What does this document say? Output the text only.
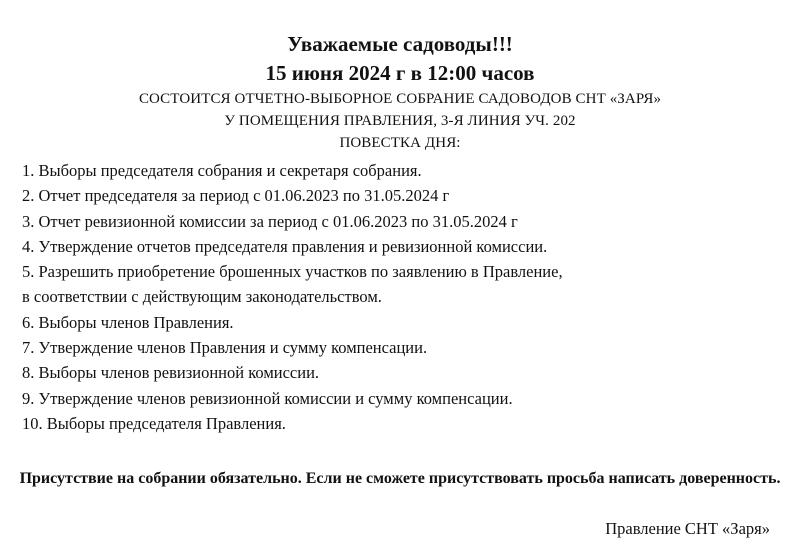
Уважаемые садоводы!!!
15 июня 2024 г в 12:00 часов
СОСТОИТСЯ ОТЧЕТНО-ВЫБОРНОЕ СОБРАНИЕ САДОВОДОВ СНТ «ЗАРЯ»
У ПОМЕЩЕНИЯ ПРАВЛЕНИЯ, 3-Я ЛИНИЯ УЧ. 202
ПОВЕСТКА ДНЯ:
1. Выборы председателя собрания и секретаря собрания.
2. Отчет председателя за период с 01.06.2023 по 31.05.2024 г
3. Отчет ревизионной комиссии за период с 01.06.2023 по 31.05.2024 г
4. Утверждение отчетов председателя правления и ревизионной комиссии.
5. Разрешить приобретение брошенных участков по заявлению в Правление,
в соответствии с действующим законодательством.
6. Выборы членов Правления.
7. Утверждение членов Правления и сумму компенсации.
8. Выборы членов ревизионной комиссии.
9. Утверждение членов ревизионной комиссии и сумму компенсации.
10. Выборы председателя Правления.
Присутствие на собрании обязательно. Если не сможете присутствовать просьба написать доверенность.
Правление СНТ «Заря»
